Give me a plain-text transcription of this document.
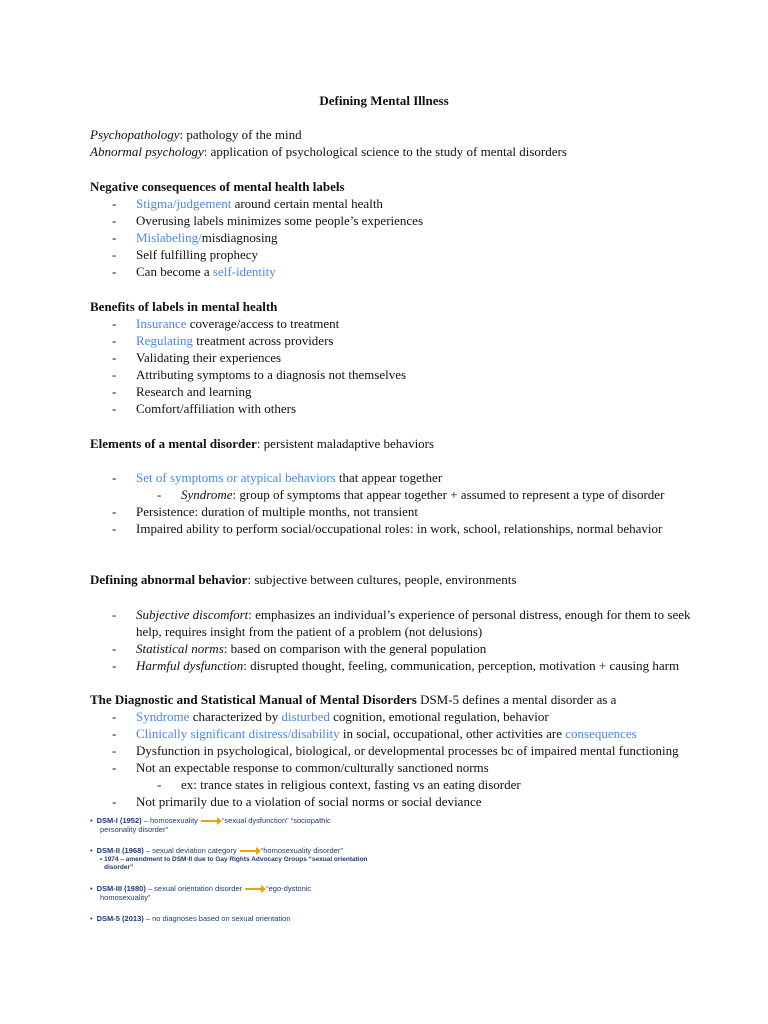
Defining Mental Illness
Psychopathology: pathology of the mind
Abnormal psychology: application of psychological science to the study of mental disorders
Negative consequences of mental health labels
- Stigma/judgement around certain mental health
- Overusing labels minimizes some people’s experiences
- Mislabeling/misdiagnosing
- Self fulfilling prophecy
- Can become a self-identity
Benefits of labels in mental health
- Insurance coverage/access to treatment
- Regulating treatment across providers
- Validating their experiences
- Attributing symptoms to a diagnosis not themselves
- Research and learning
- Comfort/affiliation with others
Elements of a mental disorder: persistent maladaptive behaviors
- Set of symptoms or atypical behaviors that appear together
- Syndrome: group of symptoms that appear together + assumed to represent a type of disorder
- Persistence: duration of multiple months, not transient
- Impaired ability to perform social/occupational roles: in work, school, relationships, normal behavior
Defining abnormal behavior: subjective between cultures, people, environments
-	Subjective discomfort: emphasizes an individual’s experience of personal distress, enough for them to seek help, requires insight from the patient of a problem (not delusions)
- Statistical norms: based on comparison with the general population
- Harmful dysfunction: disrupted thought, feeling, communication, perception, motivation + causing harm
The Diagnostic and Statistical Manual of Mental Disorders DSM-5 defines a mental disorder as a
- Syndrome characterized by disturbed cognition, emotional regulation, behavior
- Clinically significant distress/disability in social, occupational, other activities are consequences
- Dysfunction in psychological, biological, or developmental processes bc of impaired mental functioning
- Not an expectable response to common/culturally sanctioned norms
- ex: trance states in religious context, fasting vs an eating disorder
- Not primarily due to a violation of social norms or social deviance
• DSM-I (1952) – homosexuality	“sexual dysfunction” “sociopathic
personality disorder”
• DSM-II (1968) – sexual deviation category	“homosexuality disorder”
• 1974 – amendment to DSM-II due to Gay Rights Advocacy Groups “sexual orientation
disorder”
• DSM-III (1980) – sexual orientation disorder	“ego-dystonic
homosexuality”
• DSM-5 (2013) – no diagnoses based on sexual orientation
